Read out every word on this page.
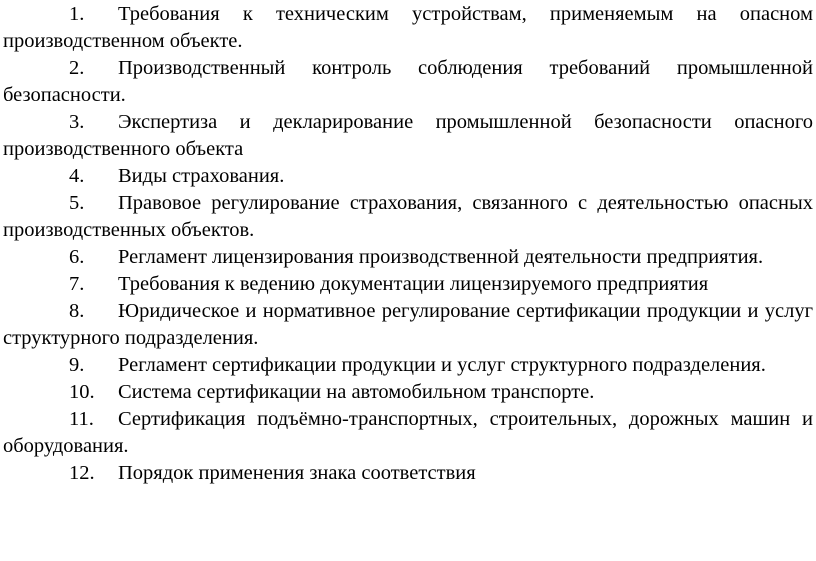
1.	Требования к техническим устройствам, применяемым на опасном производственном объекте.

2.	Производственный контроль соблюдения требований промышленной безопасности.

3.	Экспертиза и декларирование промышленной безопасности опасного производственного объекта

4.	Виды страхования.

5.	Правовое регулирование страхования, связанного с деятельностью опасных производственных объектов.

6.	Регламент лицензирования производственной деятельности предприятия.

7.	Требования к ведению документации лицензируемого предприятия

8.	Юридическое и нормативное регулирование сертификации продукции и услуг структурного подразделения.

9.	Регламент сертификации продукции и услуг структурного подразделения.

10.	Система сертификации на автомобильном транспорте.

11.	Сертификация подъёмно-транспортных, строительных, дорожных машин и оборудования.

12.	Порядок применения знака соответствия
